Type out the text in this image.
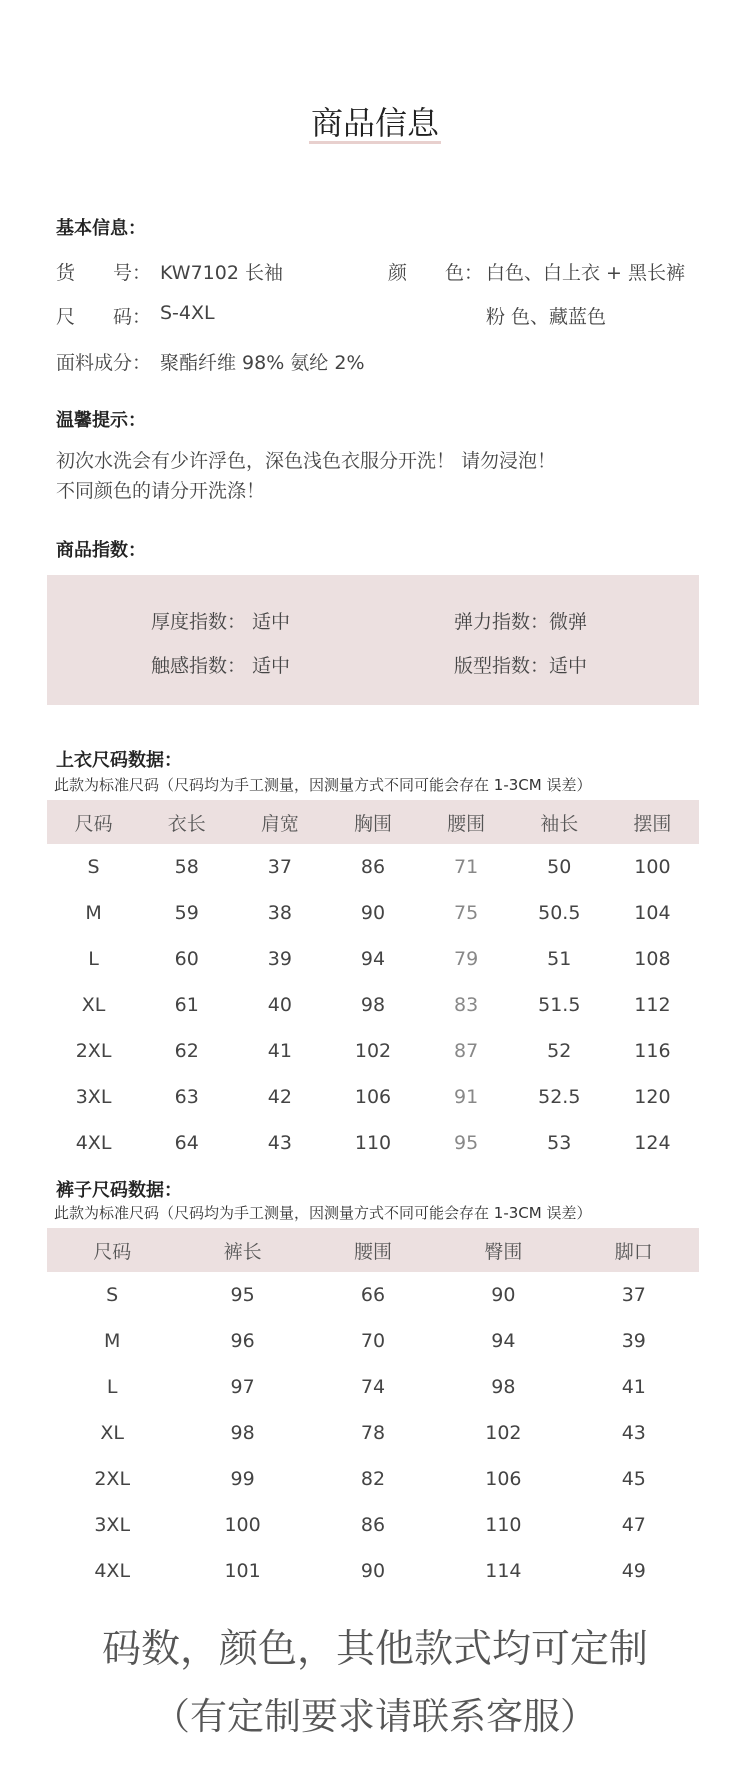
商品信息
基本信息：
货　　号： KW7102 长袖	颜　　色： 白色、白上衣 + 黑长裤
尺　　码： S-4XL	粉 色、藏蓝色
面料成分： 聚酯纤维 98% 氨纶 2%
温馨提示：
初次水洗会有少许浮色，深色浅色衣服分开洗！ 请勿浸泡！
不同颜色的请分开洗涤！
商品指数：
厚度指数： 适中	弹力指数：微弹
触感指数： 适中	版型指数：适中
上衣尺码数据：
此款为标准尺码（尺码均为手工测量，因测量方式不同可能会存在 1-3CM 误差）
尺码	衣长	肩宽	胸围	腰围	袖长	摆围
S	58	37	86	71	50	100
M	59	38	90	75	50.5	104
L	60	39	94	79	51	108
XL	61	40	98	83	51.5	112
2XL	62	41	102	87	52	116
3XL	63	42	106	91	52.5	120
4XL	64	43	110	95	53	124
裤子尺码数据：
此款为标准尺码（尺码均为手工测量，因测量方式不同可能会存在 1-3CM 误差）
尺码	裤长	腰围	臀围	脚口
S	95	66	90	37
M	96	70	94	39
L	97	74	98	41
XL	98	78	102	43
2XL	99	82	106	45
3XL	100	86	110	47
4XL	101	90	114	49
码数，颜色，其他款式均可定制
（有定制要求请联系客服）
